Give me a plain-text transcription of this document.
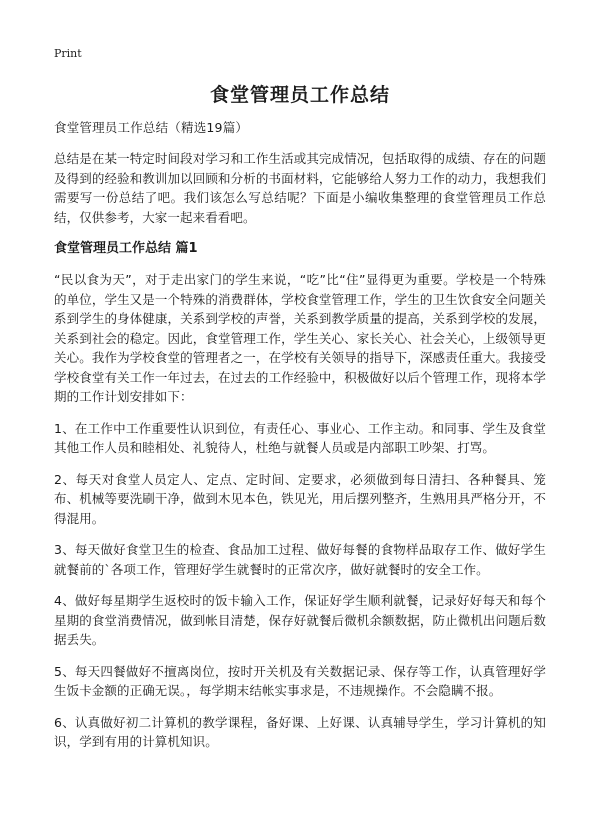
Print
食堂管理员工作总结

食堂管理员工作总结（精选19篇）

总结是在某一特定时间段对学习和工作生活或其完成情况，包括取得的成绩、存在的问题及得到的经验和教训加以回顾和分析的书面材料，它能够给人努力工作的动力，我想我们需要写一份总结了吧。我们该怎么写总结呢？下面是小编收集整理的食堂管理员工作总结，仅供参考，大家一起来看看吧。

食堂管理员工作总结 篇1

“民以食为天”，对于走出家门的学生来说，“吃”比“住”显得更为重要。学校是一个特殊的单位，学生又是一个特殊的消费群体，学校食堂管理工作，学生的卫生饮食安全问题关系到学生的身体健康，关系到学校的声誉，关系到教学质量的提高，关系到学校的发展，关系到社会的稳定。因此，食堂管理工作，学生关心、家长关心、社会关心，上级领导更关心。我作为学校食堂的管理者之一，在学校有关领导的指导下，深感责任重大。我接受学校食堂有关工作一年过去，在过去的工作经验中，积极做好以后个管理工作，现将本学期的工作计划安排如下：

1、在工作中工作重要性认识到位，有责任心、事业心、工作主动。和同事、学生及食堂其他工作人员和睦相处、礼貌待人，杜绝与就餐人员或是内部职工吵架、打骂。

2、每天对食堂人员定人、定点、定时间、定要求，必须做到每日清扫、各种餐具、笼布、机械等要洗刷干净，做到木见本色，铁见光，用后摆列整齐，生熟用具严格分开，不得混用。

3、每天做好食堂卫生的检查、食品加工过程、做好每餐的食物样品取存工作、做好学生就餐前的`各项工作，管理好学生就餐时的正常次序，做好就餐时的安全工作。

4、做好每星期学生返校时的饭卡输入工作，保证好学生顺利就餐，记录好好每天和每个星期的食堂消费情况，做到帐目清楚，保存好就餐后微机余额数据，防止微机出问题后数据丢失。

5、每天四餐做好不擅离岗位，按时开关机及有关数据记录、保存等工作，认真管理好学生饭卡金额的正确无误。，每学期末结帐实事求是，不违规操作。不会隐瞒不报。

6、认真做好初二计算机的教学课程，备好课、上好课、认真辅导学生，学习计算机的知识，学到有用的计算机知识。
